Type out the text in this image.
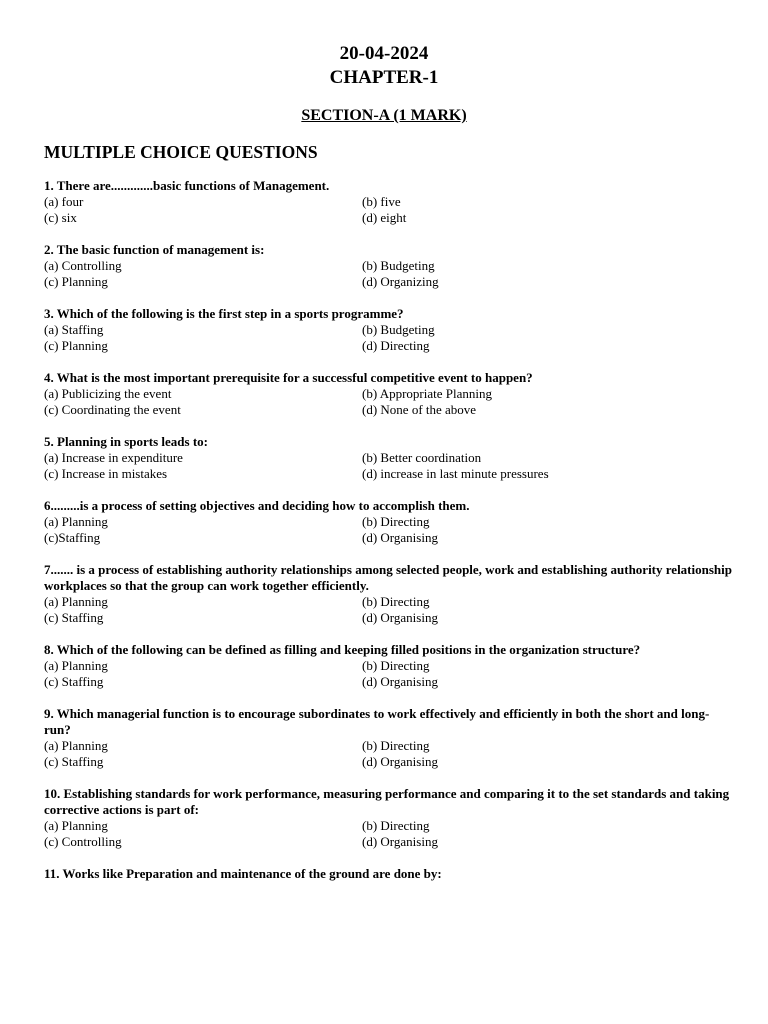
20-04-2024
CHAPTER-1
SECTION-A (1 MARK)
MULTIPLE CHOICE QUESTIONS
1. There are.............basic functions of Management.
(a) four	(b) five
(c) six	(d) eight
2. The basic function of management is:
(a) Controlling	(b) Budgeting
(c) Planning	(d) Organizing
3. Which of the following is the first step in a sports programme?
(a) Staffing	(b) Budgeting
(c) Planning	(d) Directing
4. What is the most important prerequisite for a successful competitive event to happen?
(a) Publicizing the event	(b) Appropriate Planning
(c) Coordinating the event	(d) None of the above
5. Planning in sports leads to:
(a) Increase in expenditure	(b) Better coordination
(c) Increase in mistakes	(d) increase in last minute pressures
6.........is a process of setting objectives and deciding how to accomplish them.
(a) Planning	(b) Directing
(c)Staffing	(d) Organising
7....... is a process of establishing authority relationships among selected people, work and establishing authority relationship workplaces so that the group can work together efficiently.
(a) Planning	(b) Directing
(c) Staffing	(d) Organising
8. Which of the following can be defined as filling and keeping filled positions in the organization structure?
(a) Planning	(b) Directing
(c) Staffing	(d) Organising
9. Which managerial function is to encourage subordinates to work effectively and efficiently in both the short and long-run?
(a) Planning	(b) Directing
(c) Staffing	(d) Organising
10. Establishing standards for work performance, measuring performance and comparing it to the set standards and taking corrective actions is part of:
(a) Planning	(b) Directing
(c) Controlling	(d) Organising
11. Works like Preparation and maintenance of the ground are done by:
